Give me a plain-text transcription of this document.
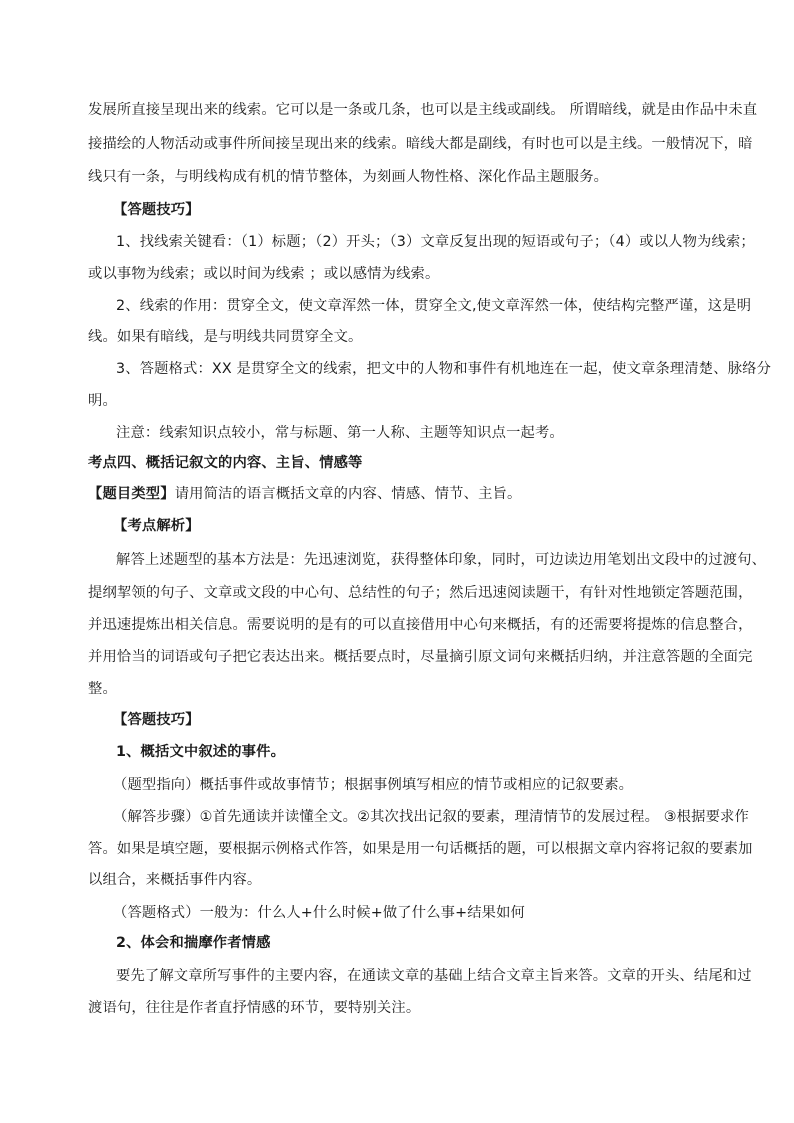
发展所直接呈现出来的线索。它可以是一条或几条，也可以是主线或副线。 所谓暗线，就是由作品中未直
接描绘的人物活动或事件所间接呈现出来的线索。暗线大都是副线，有时也可以是主线。一般情况下，暗
线只有一条，与明线构成有机的情节整体，为刻画人物性格、深化作品主题服务。
【答题技巧】
1、找线索关键看：（1）标题；（2）开头；（3）文章反复出现的短语或句子；（4）或以人物为线索；
或以事物为线索；或以时间为线索 ；或以感情为线索。
2、线索的作用：贯穿全文，使文章浑然一体，贯穿全文,使文章浑然一体，使结构完整严谨，这是明
线。如果有暗线，是与明线共同贯穿全文。
3、答题格式：XX 是贯穿全文的线索，把文中的人物和事件有机地连在一起，使文章条理清楚、脉络分
明。
注意：线索知识点较小，常与标题、第一人称、主题等知识点一起考。
考点四、概括记叙文的内容、主旨、情感等
【题目类型】请用简洁的语言概括文章的内容、情感、情节、主旨。
【考点解析】
解答上述题型的基本方法是：先迅速浏览，获得整体印象，同时，可边读边用笔划出文段中的过渡句、
提纲挈领的句子、文章或文段的中心句、总结性的句子；然后迅速阅读题干，有针对性地锁定答题范围，
并迅速提炼出相关信息。需要说明的是有的可以直接借用中心句来概括，有的还需要将提炼的信息整合，
并用恰当的词语或句子把它表达出来。概括要点时，尽量摘引原文词句来概括归纳，并注意答题的全面完
整。
【答题技巧】
1、概括文中叙述的事件。
（题型指向）概括事件或故事情节；根据事例填写相应的情节或相应的记叙要素。
（解答步骤）①首先通读并读懂全文。②其次找出记叙的要素，理清情节的发展过程。 ③根据要求作
答。如果是填空题，要根据示例格式作答，如果是用一句话概括的题，可以根据文章内容将记叙的要素加
以组合，来概括事件内容。
（答题格式）一般为：什么人+什么时候+做了什么事+结果如何
2、体会和揣摩作者情感
要先了解文章所写事件的主要内容，在通读文章的基础上结合文章主旨来答。文章的开头、结尾和过
渡语句，往往是作者直抒情感的环节，要特别关注。
